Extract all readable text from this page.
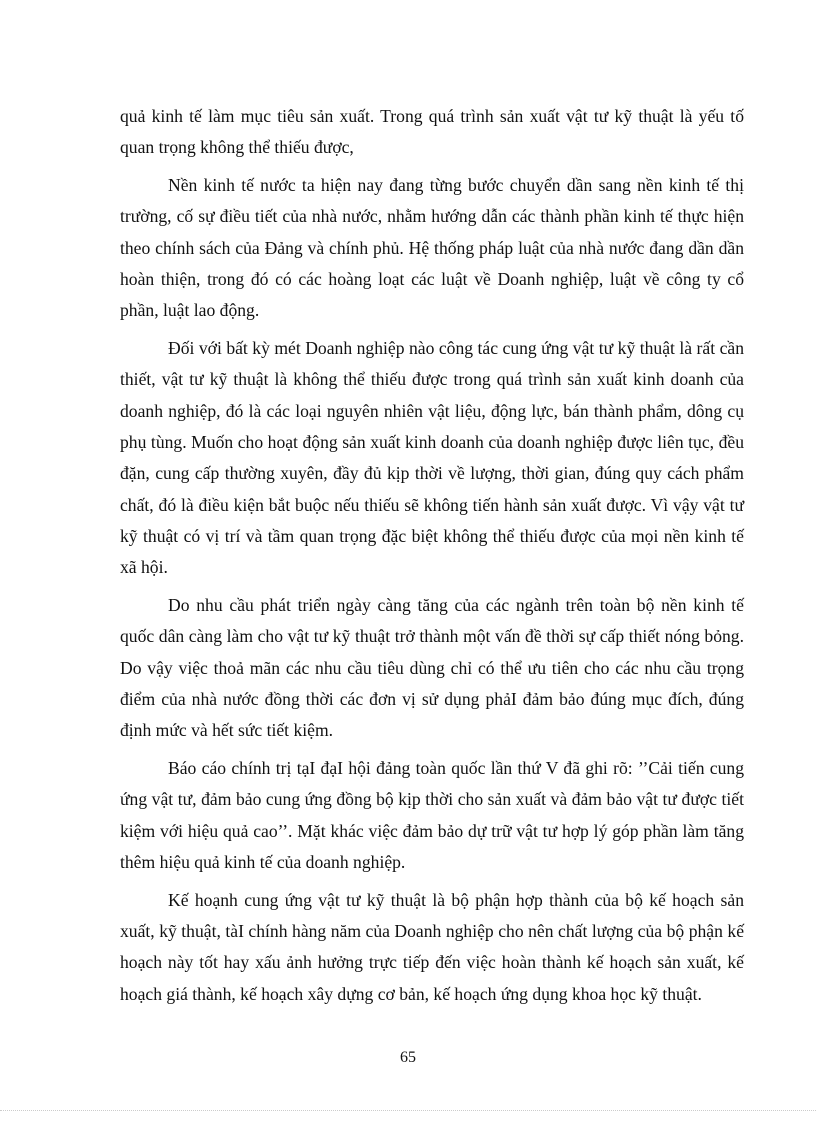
quả kinh tế làm mục tiêu sản xuất. Trong quá trình sản xuất vật tư kỹ thuật là yếu tố quan trọng không thể thiếu được,

Nền kinh tế nước ta hiện nay đang từng bước chuyển dần sang nền kinh tế thị trường, cố sự điều tiết của nhà nước, nhằm hướng dẫn các thành phần kinh tế thực hiện theo chính sách của Đảng và chính phủ. Hệ thống pháp luật của nhà nước đang dần dần hoàn thiện, trong đó có các hoàng loạt các luật về Doanh nghiệp, luật về công ty cổ phần, luật lao động.

Đối với bất kỳ mét Doanh nghiệp nào công tác cung ứng vật tư kỹ thuật là rất cần thiết, vật tư kỹ thuật là không thể thiếu được trong quá trình sản xuất kinh doanh của doanh nghiệp, đó là các loại nguyên nhiên vật liệu, động lực, bán thành phẩm, dông cụ phụ tùng. Muốn cho hoạt động sản xuất kinh doanh của doanh nghiệp được liên tục, đều đặn, cung cấp thường xuyên, đầy đủ kịp thời về lượng, thời gian, đúng quy cách phẩm chất, đó là điều kiện bắt buộc nếu thiếu sẽ không tiến hành sản xuất được. Vì vậy vật tư kỹ thuật có vị trí và tầm quan trọng đặc biệt không thể thiếu được của mọi nền kinh tế xã hội.

Do nhu cầu phát triển ngày càng tăng của các ngành trên toàn bộ nền kinh tế quốc dân càng làm cho vật tư kỹ thuật trở thành một vấn đề thời sự cấp thiết nóng bỏng. Do vậy việc thoả mãn các nhu cầu tiêu dùng chỉ có thể ưu tiên cho các nhu cầu trọng điểm của nhà nước đồng thời các đơn vị sử dụng phảI đảm bảo đúng mục đích, đúng định mức và hết sức tiết kiệm.

Báo cáo chính trị tạI đạI hội đảng toàn quốc lần thứ V đã ghi rõ: ’’Cải tiến cung ứng vật tư, đảm bảo cung ứng đồng bộ kịp thời cho sản xuất và đảm bảo vật tư được tiết kiệm với hiệu quả cao’’. Mặt khác việc đảm bảo dự trữ vật tư hợp lý góp phần làm tăng thêm hiệu quả kinh tế của doanh nghiệp.

Kế hoạnh cung ứng vật tư kỹ thuật là bộ phận hợp thành của bộ kế hoạch sản xuất, kỹ thuật, tàI chính hàng năm của Doanh nghiệp cho nên chất lượng của bộ phận kế hoạch này tốt hay xấu ảnh hưởng trực tiếp đến việc hoàn thành kế hoạch sản xuất, kế hoạch giá thành, kế hoạch xây dựng cơ bản, kế hoạch ứng dụng khoa học kỹ thuật.

65
